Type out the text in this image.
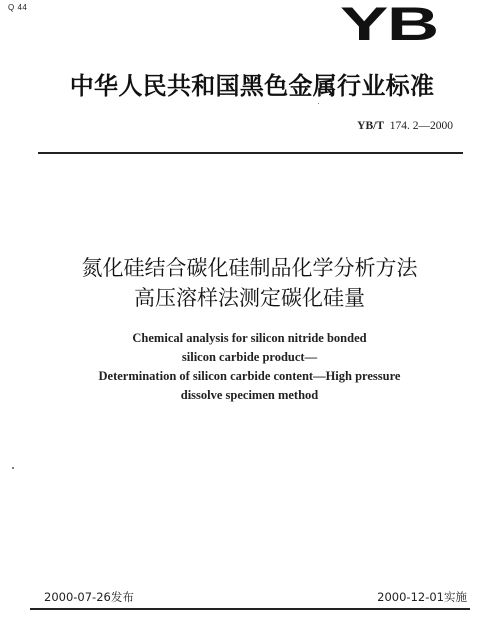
Q 44	YB
中华人民共和国黑色金属行业标准
YB/T 174. 2—2000
氮化硅结合碳化硅制品化学分析方法
高压溶样法测定碳化硅量
Chemical analysis for silicon nitride bonded
silicon carbide product—
Determination of silicon carbide content—High pressure
dissolve specimen method
2000-07-26发布	2000-12-01实施
